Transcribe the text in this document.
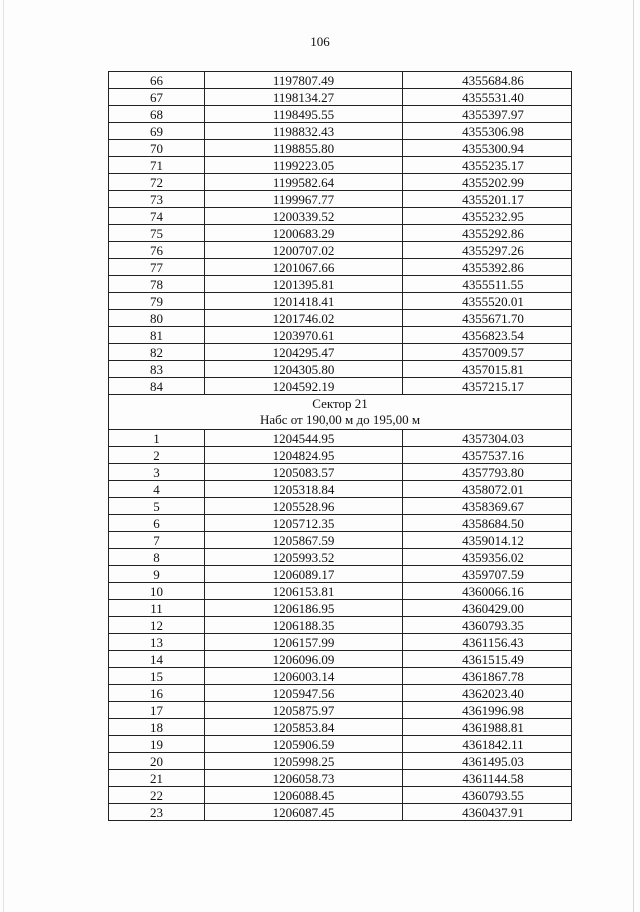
106
66	1197807.49	4355684.86
67	1198134.27	4355531.40
68	1198495.55	4355397.97
69	1198832.43	4355306.98
70	1198855.80	4355300.94
71	1199223.05	4355235.17
72	1199582.64	4355202.99
73	1199967.77	4355201.17
74	1200339.52	4355232.95
75	1200683.29	4355292.86
76	1200707.02	4355297.26
77	1201067.66	4355392.86
78	1201395.81	4355511.55
79	1201418.41	4355520.01
80	1201746.02	4355671.70
81	1203970.61	4356823.54
82	1204295.47	4357009.57
83	1204305.80	4357015.81
84	1204592.19	4357215.17

Сектор 21
Набс от 190,00 м до 195,00 м		

1	1204544.95	4357304.03
2	1204824.95	4357537.16
3	1205083.57	4357793.80
4	1205318.84	4358072.01
5	1205528.96	4358369.67
6	1205712.35	4358684.50
7	1205867.59	4359014.12
8	1205993.52	4359356.02
9	1206089.17	4359707.59
10	1206153.81	4360066.16
11	1206186.95	4360429.00
12	1206188.35	4360793.35
13	1206157.99	4361156.43
14	1206096.09	4361515.49
15	1206003.14	4361867.78
16	1205947.56	4362023.40
17	1205875.97	4361996.98
18	1205853.84	4361988.81
19	1205906.59	4361842.11
20	1205998.25	4361495.03
21	1206058.73	4361144.58
22	1206088.45	4360793.55
23	1206087.45	4360437.91
